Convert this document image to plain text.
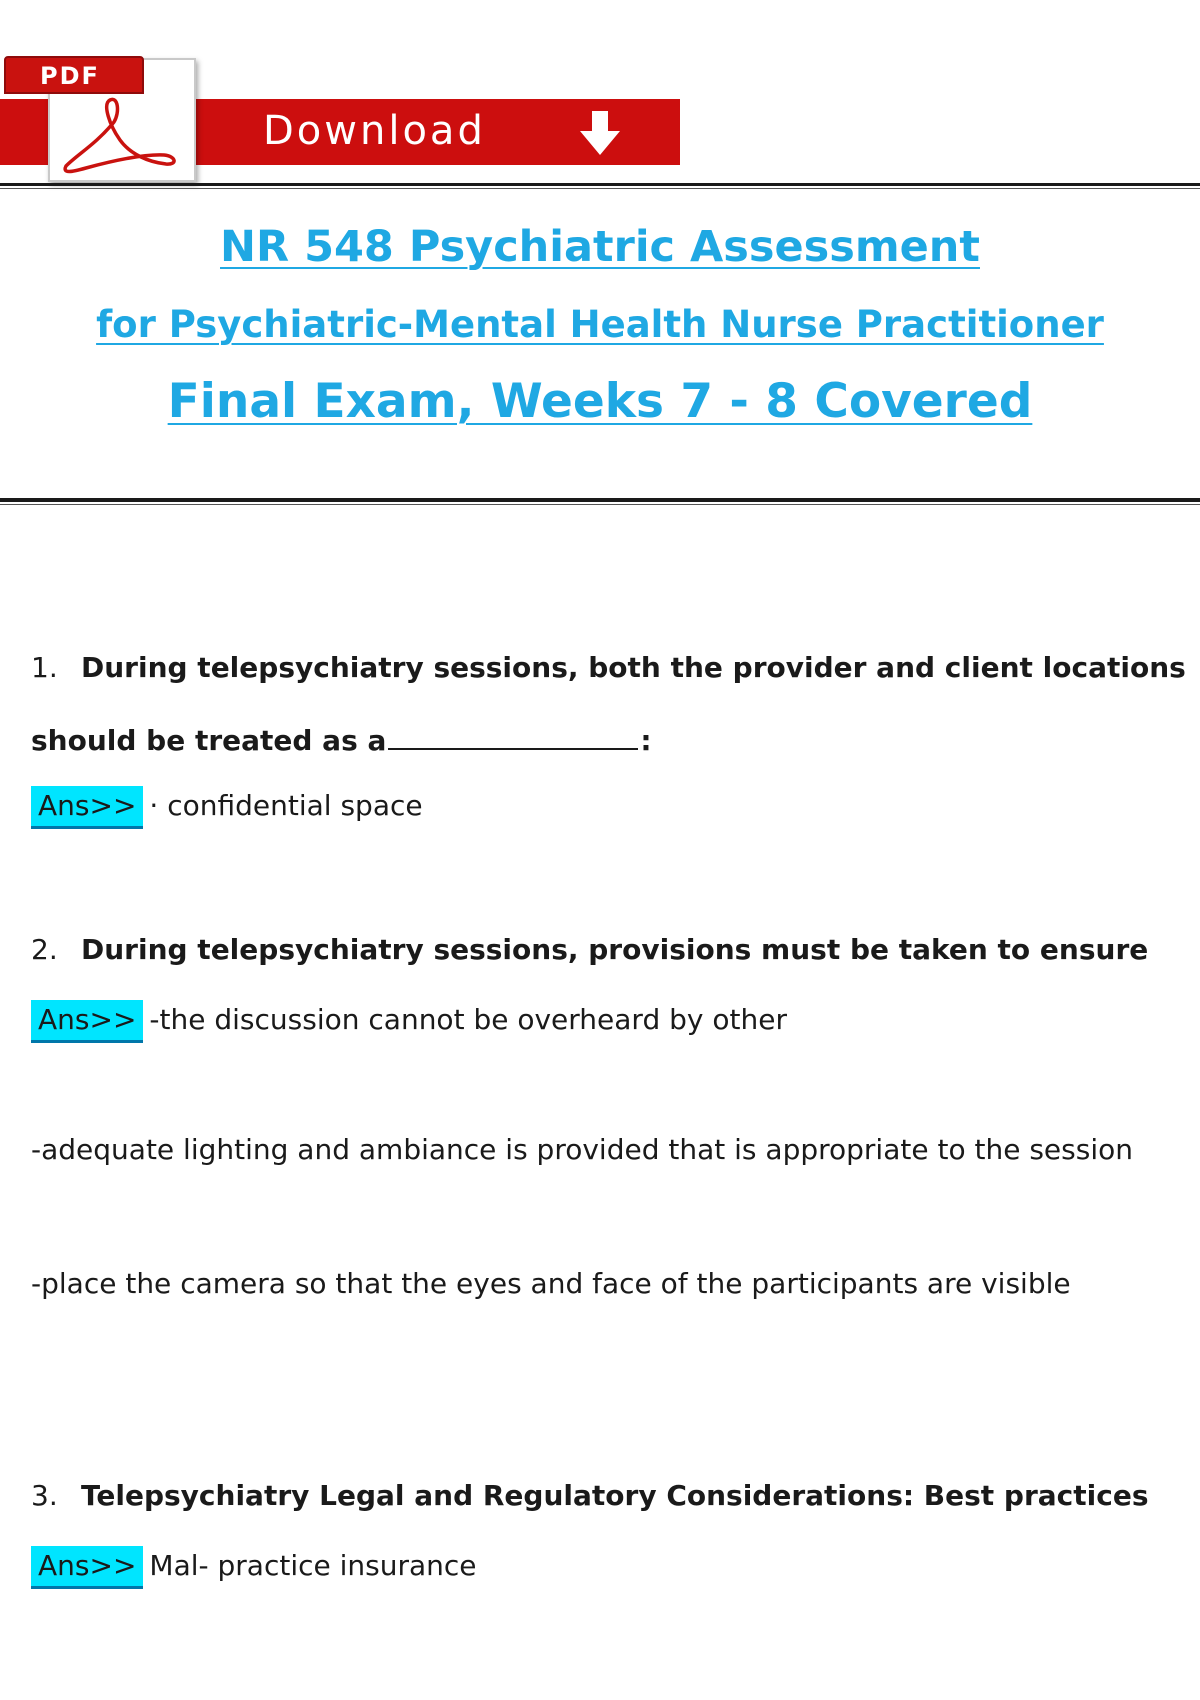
Download
PDF
NR 548 Psychiatric Assessment
for Psychiatric-Mental Health Nurse Practitioner
Final Exam, Weeks 7 - 8 Covered
1. During telepsychiatry sessions, both the provider and client locations
should be treated as a	:
Ans>> · confidential space
2. During telepsychiatry sessions, provisions must be taken to ensure
Ans>> -the discussion cannot be overheard by other
-adequate lighting and ambiance is provided that is appropriate to the session
-place the camera so that the eyes and face of the participants are visible
3. Telepsychiatry Legal and Regulatory Considerations: Best practices
Ans>> Mal- practice insurance
